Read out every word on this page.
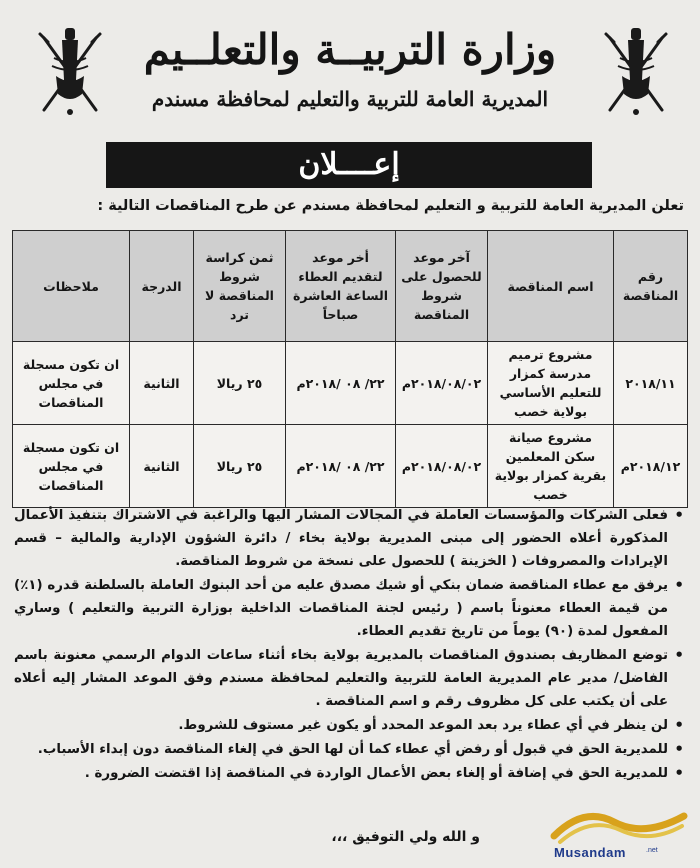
وزارة التربيــة والتعلــيم
المديرية العامة للتربية والتعليم لمحافظة مسندم
إعــــلان
تعلن المديرية العامة للتربية و التعليم لمحافظة مسندم عن طرح المناقصات التالية :
رقم المناقصة	اسم المناقصة	آخر موعد للحصول على شروط المناقصة	أخر موعد لتقديم العطاء الساعة العاشرة صباحاً	ثمن كراسة شروط المناقصة لا ترد	الدرجة	ملاحظات
٢٠١٨/١١	مشروع ترميم مدرسة كمزار للتعليم الأساسي بولاية خصب	٢٠١٨/٠٨/٠٢م	٢٢/ ٠٨ /٢٠١٨م	٢٥ ريالا	الثانية	ان تكون مسجلة في مجلس المناقصات
٢٠١٨/١٢م	مشروع صيانة سكن المعلمين بقرية كمزار بولاية خصب	٢٠١٨/٠٨/٠٢م	٢٢/ ٠٨ /٢٠١٨م	٢٥ ريالا	الثانية	ان تكون مسجلة في مجلس المناقصات
• فعلى الشركات والمؤسسات العاملة في المجالات المشار اليها والراغبة في الاشتراك بتنفيذ الأعمال المذكورة أعلاه الحضور إلى مبنى المديرية بولاية بخاء / دائرة الشؤون الإدارية والمالية – قسم الإيرادات والمصروفات ( الخزينة ) للحصول على نسخة من شروط المناقصة.
• يرفق مع عطاء المناقصة ضمان بنكي أو شيك مصدق عليه من أحد البنوك العاملة بالسلطنة قدره (١٪) من قيمة العطاء معنوناً باسم ( رئيس لجنة المناقصات الداخلية بوزارة التربية والتعليم ) وساري المفعول لمدة (٩٠) يوماً من تاريخ تقديم العطاء.
• توضع المظاريف بصندوق المناقصات بالمديرية بولاية بخاء أثناء ساعات الدوام الرسمي معنونة باسم الفاضل/ مدير عام المديرية العامة للتربية والتعليم لمحافظة مسندم وفق الموعد المشار إليه أعلاه على أن يكتب على كل مظروف رقم و اسم المناقصة .
• لن ينظر في أي عطاء يرد بعد الموعد المحدد أو يكون غير مستوف للشروط.
• للمديرية الحق في قبول أو رفض أي عطاء كما أن لها الحق في إلغاء المناقصة دون إبداء الأسباب.
• للمديرية الحق في إضافة أو إلغاء بعض الأعمال الواردة في المناقصة إذا اقتضت الضرورة .
و الله ولي التوفيق ،،،
Musandam	.net
